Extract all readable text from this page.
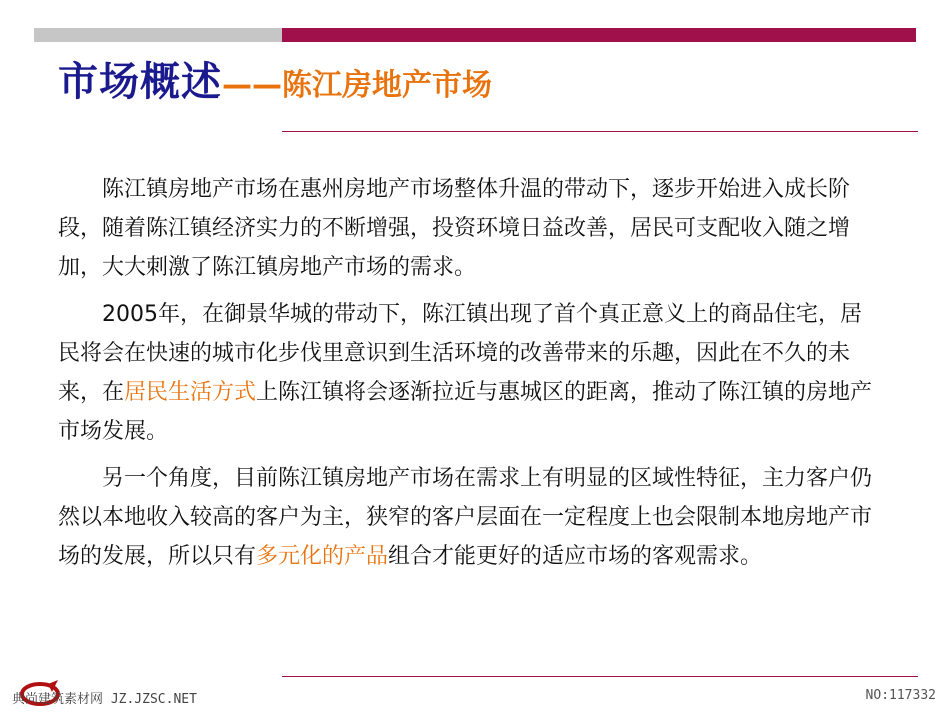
市场概述——陈江房地产市场

陈江镇房地产市场在惠州房地产市场整体升温的带动下，逐步开始进入成长阶段，随着陈江镇经济实力的不断增强，投资环境日益改善，居民可支配收入随之增加，大大刺激了陈江镇房地产市场的需求。

2005年，在御景华城的带动下，陈江镇出现了首个真正意义上的商品住宅，居民将会在快速的城市化步伐里意识到生活环境的改善带来的乐趣，因此在不久的未来，在居民生活方式上陈江镇将会逐渐拉近与惠城区的距离，推动了陈江镇的房地产市场发展。

另一个角度，目前陈江镇房地产市场在需求上有明显的区域性特征，主力客户仍然以本地收入较高的客户为主，狭窄的客户层面在一定程度上也会限制本地房地产市场的发展，所以只有多元化的产品组合才能更好的适应市场的客观需求。

典尚建筑素材网 JZ.JZSC.NET	NO:117332
